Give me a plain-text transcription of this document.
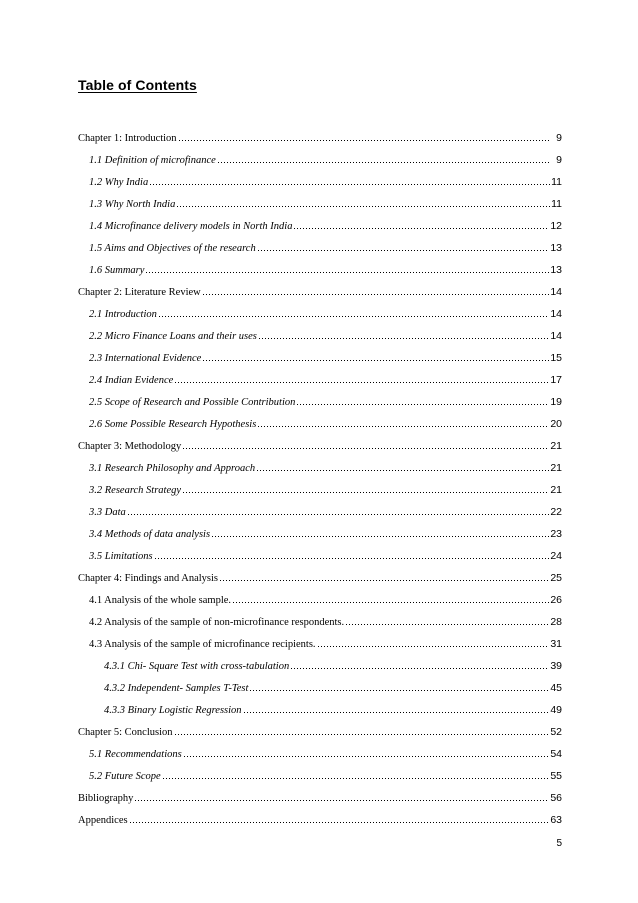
Table of Contents
Chapter 1: Introduction	9
1.1 Definition of microfinance	9
1.2 Why India	11
1.3 Why North India	11
1.4 Microfinance delivery models in North India	12
1.5 Aims and Objectives of the research	13
1.6 Summary	13
Chapter 2: Literature Review	14
2.1 Introduction	14
2.2 Micro Finance Loans and their uses	14
2.3 International Evidence	15
2.4 Indian Evidence	17
2.5 Scope of Research and Possible Contribution	19
2.6 Some Possible Research Hypothesis	20
Chapter 3: Methodology	21
3.1 Research Philosophy and Approach	21
3.2 Research Strategy	21
3.3 Data	22
3.4 Methods of data analysis	23
3.5 Limitations	24
Chapter 4: Findings and Analysis	25
4.1 Analysis of the whole sample.	26
4.2 Analysis of the sample of non-microfinance respondents.	28
4.3 Analysis of the sample of microfinance recipients.	31
4.3.1 Chi- Square Test with cross-tabulation	39
4.3.2 Independent- Samples T-Test	45
4.3.3 Binary Logistic Regression	49
Chapter 5: Conclusion	52
5.1 Recommendations	54
5.2 Future Scope	55
Bibliography	56
Appendices	63
5
